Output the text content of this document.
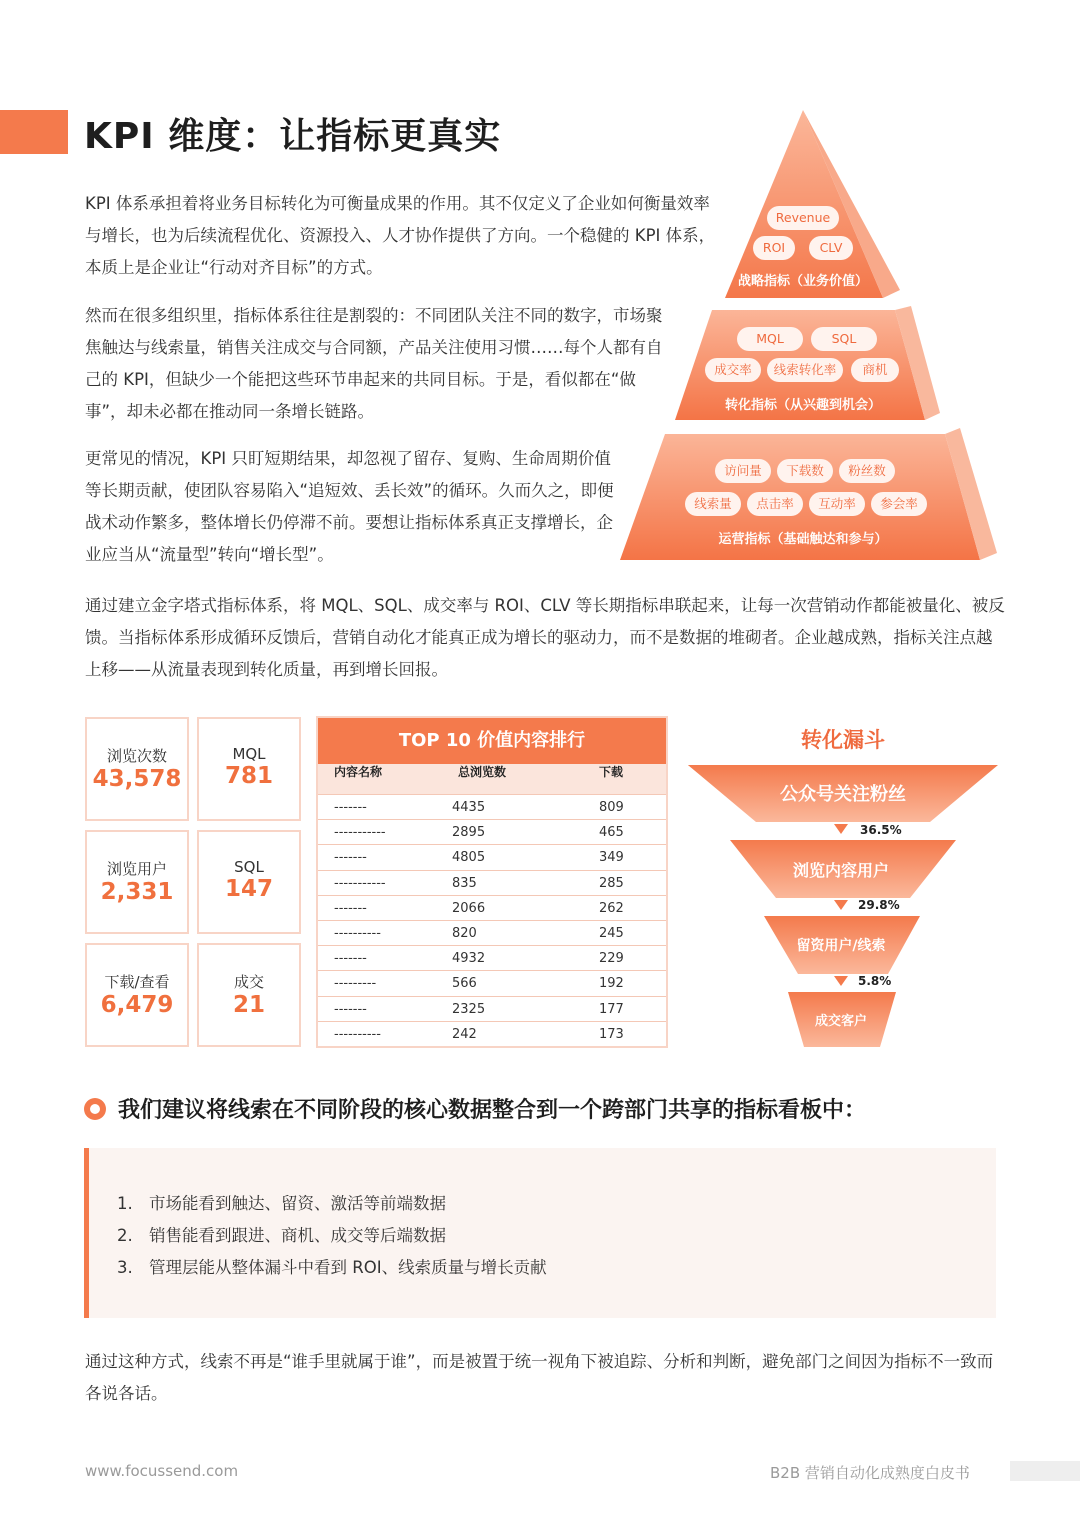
KPI 维度：让指标更真实

KPI 体系承担着将业务目标转化为可衡量成果的作用。其不仅定义了企业如何衡量效率与增长，也为后续流程优化、资源投入、人才协作提供了方向。一个稳健的 KPI 体系，本质上是企业让“行动对齐目标”的方式。

然而在很多组织里，指标体系往往是割裂的：不同团队关注不同的数字，市场聚焦触达与线索量，销售关注成交与合同额，产品关注使用习惯……每个人都有自己的 KPI，但缺少一个能把这些环节串起来的共同目标。于是，看似都在“做事”，却未必都在推动同一条增长链路。

更常见的情况，KPI 只盯短期结果，却忽视了留存、复购、生命周期价值等长期贡献，使团队容易陷入“追短效、丢长效”的循环。久而久之，即便战术动作繁多，整体增长仍停滞不前。要想让指标体系真正支撑增长，企业应当从“流量型”转向“增长型”。

Revenue
ROI	CLV
战略指标（业务价值）
MQL	SQL
成交率	线索转化率	商机
转化指标（从兴趣到机会）
访问量	下载数	粉丝数
线索量	点击率	互动率	参会率
运营指标（基础触达和参与）

通过建立金字塔式指标体系，将 MQL、SQL、成交率与 ROI、CLV 等长期指标串联起来，让每一次营销动作都能被量化、被反馈。当指标体系形成循环反馈后，营销自动化才能真正成为增长的驱动力，而不是数据的堆砌者。企业越成熟，指标关注点越上移——从流量表现到转化质量，再到增长回报。

浏览次数
43,578
MQL
781
浏览用户
2,331
SQL
147
下载/查看
6,479
成交
21
TOP 10 价值内容排行
内容名称	总浏览数	下载
-------	4435	809
-----------	2895	465
-------	4805	349
-----------	835	285
-------	2066	262
----------	820	245
-------	4932	229
---------	566	192
-------	2325	177
----------	242	173
转化漏斗
公众号关注粉丝
36.5%
浏览内容用户
29.8%
留资用户/线索
5.8%
成交客户
我们建议将线索在不同阶段的核心数据整合到一个跨部门共享的指标看板中：
1. 市场能看到触达、留资、激活等前端数据
2. 销售能看到跟进、商机、成交等后端数据
3. 管理层能从整体漏斗中看到 ROI、线索质量与增长贡献

通过这种方式，线索不再是“谁手里就属于谁”，而是被置于统一视角下被追踪、分析和判断，避免部门之间因为指标不一致而各说各话。

www.focussend.com	B2B 营销自动化成熟度白皮书
